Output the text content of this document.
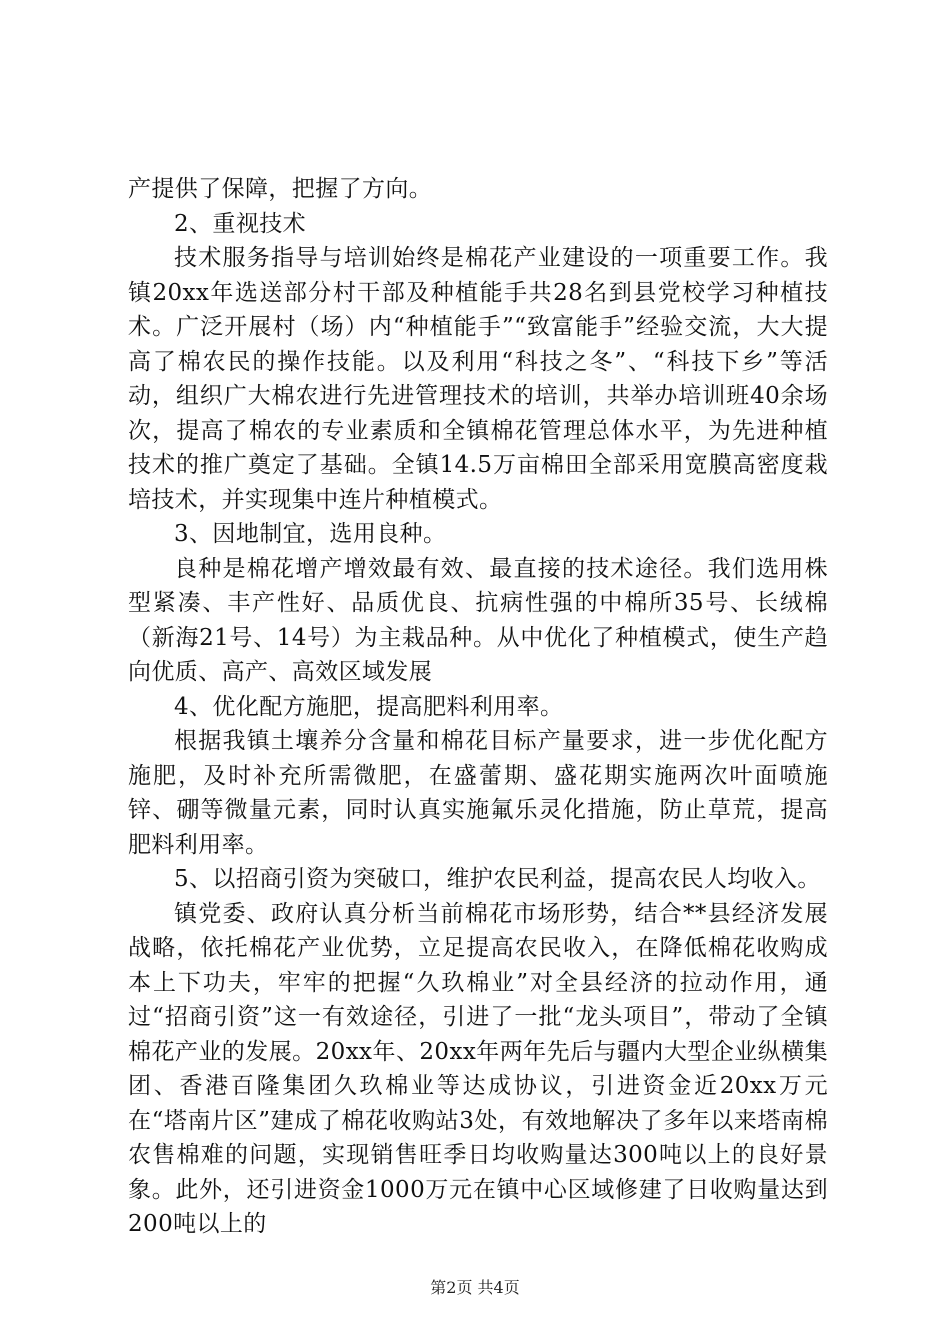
产提供了保障，把握了方向。

2、重视技术

技术服务指导与培训始终是棉花产业建设的一项重要工作。我镇20xx年选送部分村干部及种植能手共28名到县党校学习种植技术。广泛开展村（场）内“种植能手”“致富能手”经验交流，大大提高了棉农民的操作技能。以及利用“科技之冬”、“科技下乡”等活动，组织广大棉农进行先进管理技术的培训，共举办培训班40余场次，提高了棉农的专业素质和全镇棉花管理总体水平，为先进种植技术的推广奠定了基础。全镇14.5万亩棉田全部采用宽膜高密度栽培技术，并实现集中连片种植模式。

3、因地制宜，选用良种。

良种是棉花增产增效最有效、最直接的技术途径。我们选用株型紧凑、丰产性好、品质优良、抗病性强的中棉所35号、长绒棉（新海21号、14号）为主栽品种。从中优化了种植模式，使生产趋向优质、高产、高效区域发展

4、优化配方施肥，提高肥料利用率。

根据我镇土壤养分含量和棉花目标产量要求，进一步优化配方施肥，及时补充所需微肥，在盛蕾期、盛花期实施两次叶面喷施锌、硼等微量元素，同时认真实施氟乐灵化措施，防止草荒，提高肥料利用率。

5、以招商引资为突破口，维护农民利益，提高农民人均收入。

镇党委、政府认真分析当前棉花市场形势，结合**县经济发展战略，依托棉花产业优势，立足提高农民收入，在降低棉花收购成本上下功夫，牢牢的把握“久玖棉业”对全县经济的拉动作用，通过“招商引资”这一有效途径，引进了一批“龙头项目”，带动了全镇棉花产业的发展。20xx年、20xx年两年先后与疆内大型企业纵横集团、香港百隆集团久玖棉业等达成协议，引进资金近20xx万元在“塔南片区”建成了棉花收购站3处，有效地解决了多年以来塔南棉农售棉难的问题，实现销售旺季日均收购量达300吨以上的良好景象。此外，还引进资金1000万元在镇中心区域修建了日收购量达到200吨以上的

第2页 共4页
